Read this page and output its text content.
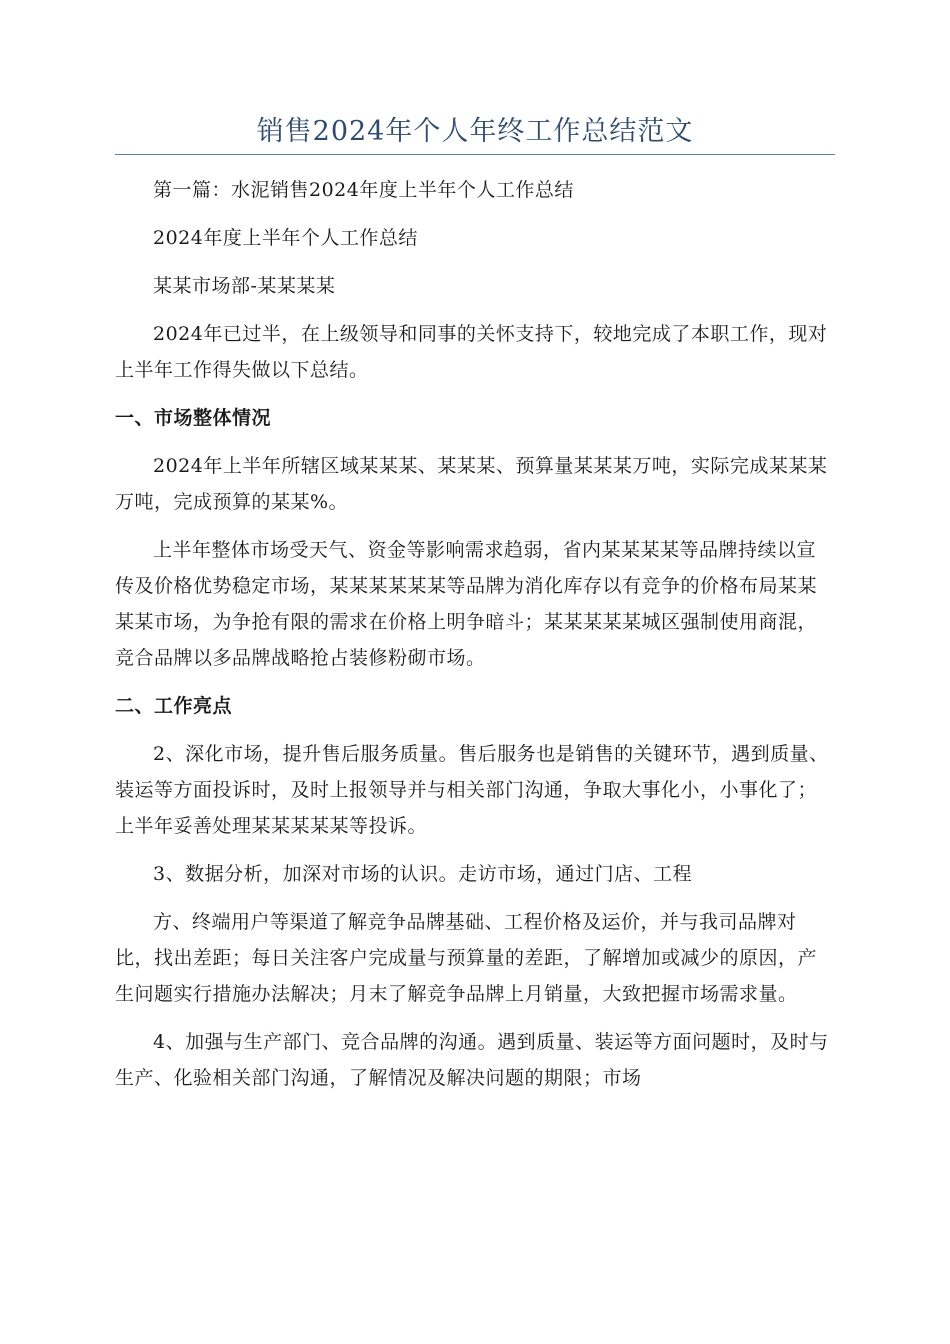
销售2024年个人年终工作总结范文

第一篇：水泥销售2024年度上半年个人工作总结

2024年度上半年个人工作总结

某某市场部-某某某某

2024年已过半，在上级领导和同事的关怀支持下，较地完成了本职工作，现对上半年工作得失做以下总结。

一、市场整体情况

2024年上半年所辖区域某某某、某某某、预算量某某某万吨，实际完成某某某万吨，完成预算的某某%。

上半年整体市场受天气、资金等影响需求趋弱，省内某某某某等品牌持续以宣传及价格优势稳定市场，某某某某某某等品牌为消化库存以有竞争的价格布局某某某某市场，为争抢有限的需求在价格上明争暗斗；某某某某某城区强制使用商混，竞合品牌以多品牌战略抢占装修粉砌市场。

二、工作亮点

2、深化市场，提升售后服务质量。售后服务也是销售的关键环节，遇到质量、装运等方面投诉时，及时上报领导并与相关部门沟通，争取大事化小，小事化了；上半年妥善处理某某某某某等投诉。

3、数据分析，加深对市场的认识。走访市场，通过门店、工程

方、终端用户等渠道了解竞争品牌基础、工程价格及运价，并与我司品牌对比，找出差距；每日关注客户完成量与预算量的差距，了解增加或减少的原因，产生问题实行措施办法解决；月末了解竞争品牌上月销量，大致把握市场需求量。

4、加强与生产部门、竞合品牌的沟通。遇到质量、装运等方面问题时，及时与生产、化验相关部门沟通，了解情况及解决问题的期限；市场
